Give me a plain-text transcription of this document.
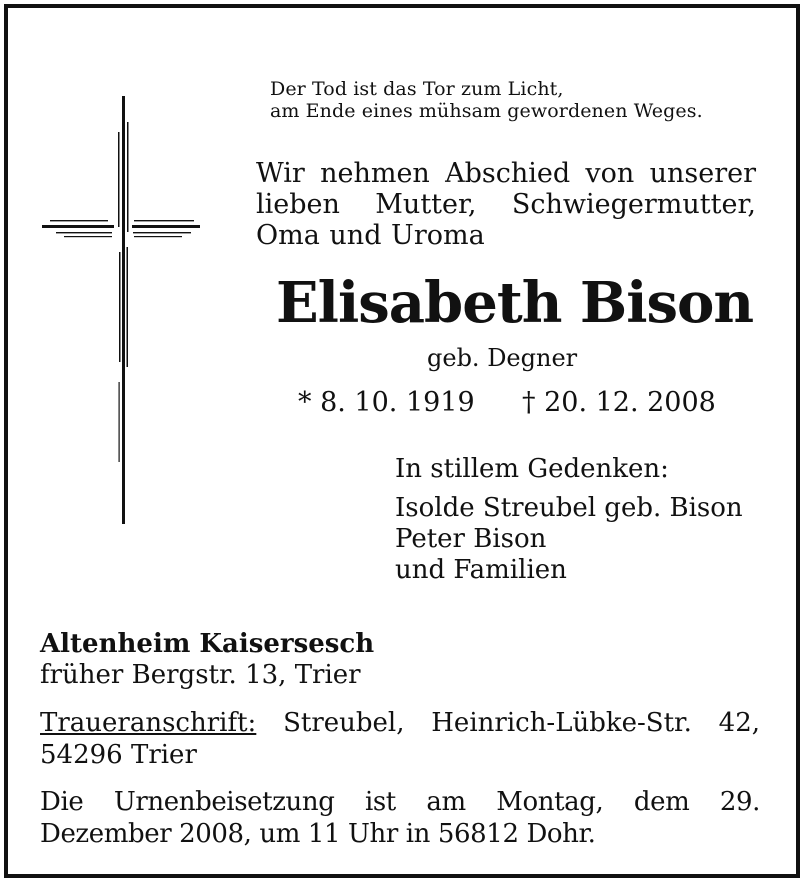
Der Tod ist das Tor zum Licht,
am Ende eines mühsam gewordenen Weges.
Wir nehmen Abschied von unserer lieben Mutter, Schwiegermutter, Oma und Uroma
Elisabeth Bison
geb. Degner
* 8. 10. 1919 † 20. 12. 2008
In stillem Gedenken:
Isolde Streubel geb. Bison
Peter Bison
und Familien
Altenheim Kaisersesch
früher Bergstr. 13, Trier
Traueranschrift: Streubel, Heinrich-Lübke-Str. 42, 54296 Trier
Die Urnenbeisetzung ist am Montag, dem 29. Dezember 2008, um 11 Uhr in 56812 Dohr.
